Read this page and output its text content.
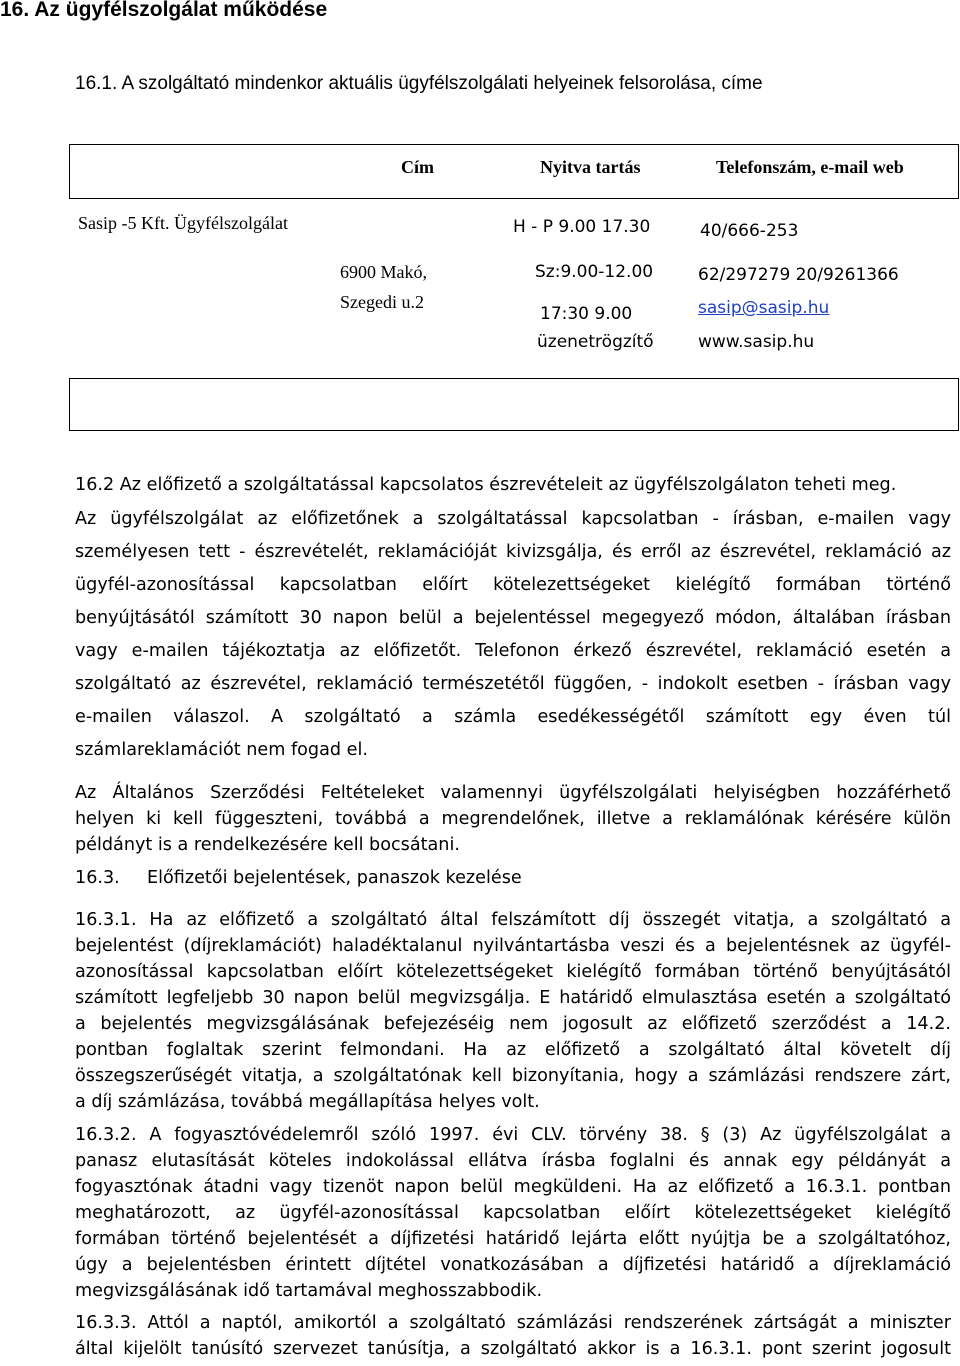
16. Az ügyfélszolgálat működése
16.1. A szolgáltató mindenkor aktuális ügyfélszolgálati helyeinek felsorolása, címe
Cím	Nyitva tartás	Telefonszám, e-mail web
Sasip -5 Kft. Ügyfélszolgálat
6900 Makó,
Szegedi u.2
H - P 9.00 17.30
Sz:9.00-12.00
17:30 9.00
üzenetrögzítő
40/666-253
62/297279 20/9261366
sasip@sasip.hu
www.sasip.hu
16.2 Az előfizető a szolgáltatással kapcsolatos észrevételeit az ügyfélszolgálaton teheti meg.
Az ügyfélszolgálat az előfizetőnek a szolgáltatással kapcsolatban - írásban, e-mailen vagy
személyesen tett - észrevételét, reklamációját kivizsgálja, és erről az észrevétel, reklamáció az
ügyfél-azonosítással kapcsolatban előírt kötelezettségeket kielégítő formában történő
benyújtásától számított 30 napon belül a bejelentéssel megegyező módon, általában írásban
vagy e-mailen tájékoztatja az előfizetőt. Telefonon érkező észrevétel, reklamáció esetén a
szolgáltató az észrevétel, reklamáció természetétől függően, - indokolt esetben - írásban vagy
e-mailen válaszol. A szolgáltató a számla esedékességétől számított egy éven túl
számlareklamációt nem fogad el.
Az Általános Szerződési Feltételeket valamennyi ügyfélszolgálati helyiségben hozzáférhető
helyen ki kell függeszteni, továbbá a megrendelőnek, illetve a reklamálónak kérésére külön
példányt is a rendelkezésére kell bocsátani.
16.3. Előfizetői bejelentések, panaszok kezelése
16.3.1. Ha az előfizető a szolgáltató által felszámított díj összegét vitatja, a szolgáltató a
bejelentést (díjreklamációt) haladéktalanul nyilvántartásba veszi és a bejelentésnek az ügyfél-
azonosítással kapcsolatban előírt kötelezettségeket kielégítő formában történő benyújtásától
számított legfeljebb 30 napon belül megvizsgálja. E határidő elmulasztása esetén a szolgáltató
a bejelentés megvizsgálásának befejezéséig nem jogosult az előfizető szerződést a 14.2.
pontban foglaltak szerint felmondani. Ha az előfizető a szolgáltató által követelt díj
összegszerűségét vitatja, a szolgáltatónak kell bizonyítania, hogy a számlázási rendszere zárt,
a díj számlázása, továbbá megállapítása helyes volt.
16.3.2. A fogyasztóvédelemről szóló 1997. évi CLV. törvény 38. § (3) Az ügyfélszolgálat a
panasz elutasítását köteles indokolással ellátva írásba foglalni és annak egy példányát a
fogyasztónak átadni vagy tizenöt napon belül megküldeni. Ha az előfizető a 16.3.1. pontban
meghatározott, az ügyfél-azonosítással kapcsolatban előírt kötelezettségeket kielégítő
formában történő bejelentését a díjfizetési határidő lejárta előtt nyújtja be a szolgáltatóhoz,
úgy a bejelentésben érintett díjtétel vonatkozásában a díjfizetési határidő a díjreklamáció
megvizsgálásának idő tartamával meghosszabbodik.
16.3.3. Attól a naptól, amikortól a szolgáltató számlázási rendszerének zártságát a miniszter
által kijelölt tanúsító szervezet tanúsítja, a szolgáltató akkor is a 16.3.1. pont szerint jogosult
